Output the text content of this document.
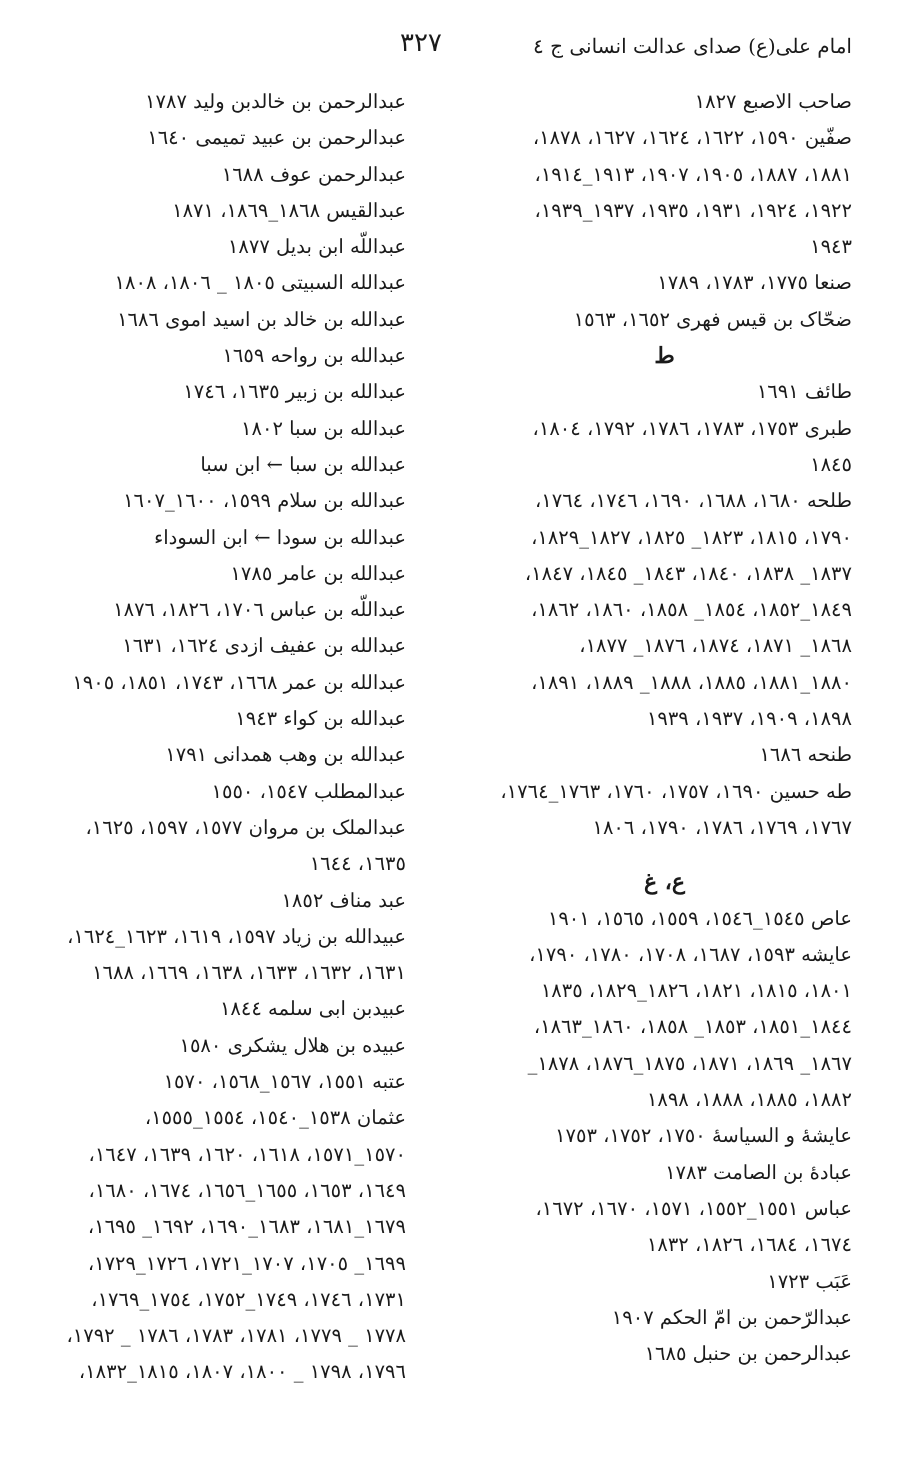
امام علی(ع) صدای عدالت انسانی ج ٤
٣٢٧
صاحب الاصبع ١٨٢٧
صفّین ١٥٩٠، ١٦٢٢، ١٦٢٤، ١٦٢٧، ١٨٧٨،
١٨٨١، ١٨٨٧، ١٩٠٥، ١٩٠٧، ١٩١٣_١٩١٤،
١٩٢٢، ١٩٢٤، ١٩٣١، ١٩٣٥، ١٩٣٧_١٩٣٩،
١٩٤٣
صنعا ١٧٧٥، ١٧٨٣، ١٧٨٩
ضحّاک بن قیس فهری ١٦٥٢، ١٥٦٣
ط
طائف ١٦٩١
طبری ١٧٥٣، ١٧٨٣، ١٧٨٦، ١٧٩٢، ١٨٠٤،
١٨٤٥
طلحه ١٦٨٠، ١٦٨٨، ١٦٩٠، ١٧٤٦، ١٧٦٤،
١٧٩٠، ١٨١٥، ١٨٢٣_ ١٨٢٥، ١٨٢٧_١٨٢٩،
١٨٣٧_ ١٨٣٨، ١٨٤٠، ١٨٤٣_ ١٨٤٥، ١٨٤٧،
١٨٤٩_١٨٥٢، ١٨٥٤_ ١٨٥٨، ١٨٦٠، ١٨٦٢،
١٨٦٨_ ١٨٧١، ١٨٧٤، ١٨٧٦_ ١٨٧٧،
١٨٨٠_١٨٨١، ١٨٨٥، ١٨٨٨_ ١٨٨٩، ١٨٩١،
١٨٩٨، ١٩٠٩، ١٩٣٧، ١٩٣٩
طنحه ١٦٨٦
طه حسین ١٦٩٠، ١٧٥٧، ١٧٦٠، ١٧٦٣_١٧٦٤،
١٧٦٧، ١٧٦٩، ١٧٨٦، ١٧٩٠، ١٨٠٦
ع، غ
عاص ١٥٤٥_١٥٤٦، ١٥٥٩، ١٥٦٥، ١٩٠١
عایشه ١٥٩٣، ١٦٨٧، ١٧٠٨، ١٧٨٠، ١٧٩٠،
١٨٠١، ١٨١٥، ١٨٢١، ١٨٢٦_١٨٢٩، ١٨٣٥
١٨٤٤_١٨٥١، ١٨٥٣_ ١٨٥٨، ١٨٦٠_١٨٦٣،
١٨٦٧_ ١٨٦٩، ١٨٧١، ١٨٧٥_١٨٧٦، ١٨٧٨_
١٨٨٢، ١٨٨٥، ١٨٨٨، ١٨٩٨
عایشهٔ و السیاسهٔ ١٧٥٠، ١٧٥٢، ١٧٥٣
عبادهٔ بن الصامت ١٧٨٣
عباس ١٥٥١_١٥٥٢، ١٥٧١، ١٦٧٠، ١٦٧٢،
١٦٧٤، ١٦٨٤، ١٨٢٦، ١٨٣٢
عَبَب ١٧٢٣
عبدالرّحمن بن امّ الحکم ١٩٠٧
عبدالرحمن بن حنبل ١٦٨٥
عبدالرحمن بن خالدبن ولید ١٧٨٧
عبدالرحمن بن عبید تمیمی ١٦٤٠
عبدالرحمن عوف ١٦٨٨
عبدالقیس ١٨٦٨_١٨٦٩، ١٨٧١
عبداللّه ابن بدیل ١٨٧٧
عبدالله السبیتی ١٨٠٥ _ ١٨٠٦، ١٨٠٨
عبدالله بن خالد بن اسید اموی ١٦٨٦
عبدالله بن رواحه ١٦٥٩
عبدالله بن زبیر ١٦٣٥، ١٧٤٦
عبدالله بن سبا ١٨٠٢
عبدالله بن سبا ← ابن سبا
عبدالله بن سلام ١٥٩٩، ١٦٠٠_١٦٠٧
عبدالله بن سودا ← ابن السوداء
عبدالله بن عامر ١٧٨٥
عبداللّه بن عباس ١٧٠٦، ١٨٢٦، ١٨٧٦
عبدالله بن عفیف ازدی ١٦٢٤، ١٦٣١
عبدالله بن عمر ١٦٦٨، ١٧٤٣، ١٨٥١، ١٩٠٥
عبدالله بن کواء ١٩٤٣
عبدالله بن وهب همدانی ١٧٩١
عبدالمطلب ١٥٤٧، ١٥٥٠
عبدالملک بن مروان ١٥٧٧، ١٥٩٧، ١٦٢٥،
١٦٣٥، ١٦٤٤
عبد مناف ١٨٥٢
عبیدالله بن زیاد ١٥٩٧، ١٦١٩، ١٦٢٣_١٦٢٤،
١٦٣١، ١٦٣٢، ١٦٣٣، ١٦٣٨، ١٦٦٩، ١٦٨٨
عبیدبن ابی سلمه ١٨٤٤
عبیده بن هلال یشکری ١٥٨٠
عتبه ١٥٥١، ١٥٦٧_١٥٦٨، ١٥٧٠
عثمان ١٥٣٨_١٥٤٠، ١٥٥٤_١٥٥٥،
١٥٧٠_١٥٧١، ١٦١٨، ١٦٢٠، ١٦٣٩، ١٦٤٧،
١٦٤٩، ١٦٥٣، ١٦٥٥_١٦٥٦، ١٦٧٤، ١٦٨٠،
١٦٧٩_١٦٨١، ١٦٨٣_١٦٩٠، ١٦٩٢_ ١٦٩٥،
١٦٩٩_ ١٧٠٥، ١٧٠٧_١٧٢١، ١٧٢٦_١٧٢٩،
١٧٣١، ١٧٤٦، ١٧٤٩_١٧٥٢، ١٧٥٤_١٧٦٩،
١٧٧٨ _ ١٧٧٩، ١٧٨١، ١٧٨٣، ١٧٨٦ _ ١٧٩٢،
١٧٩٦، ١٧٩٨ _ ١٨٠٠، ١٨٠٧، ١٨١٥_١٨٣٢،
